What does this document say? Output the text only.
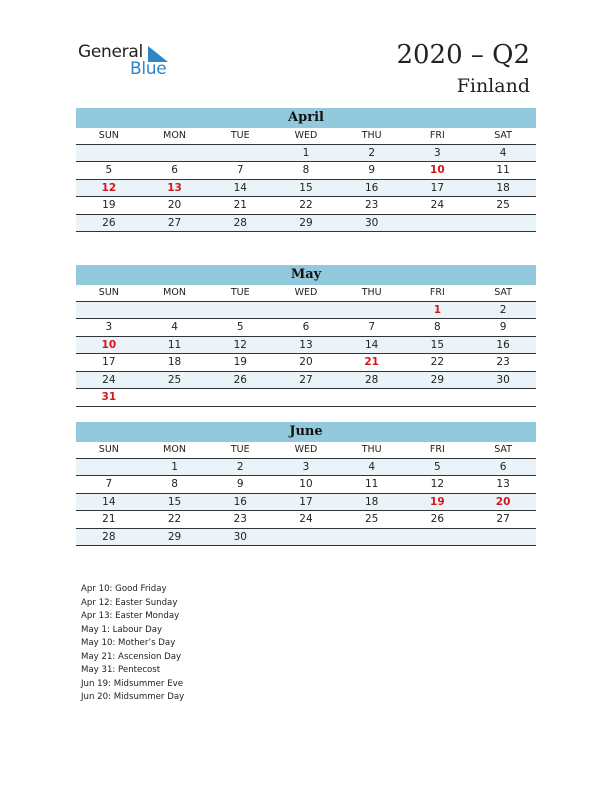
General
Blue	2020 – Q2
Finland
April
SUN	MON	TUE	WED	THU	FRI	SAT
			1	2	3	4
5	6	7	8	9	10	11
12	13	14	15	16	17	18
19	20	21	22	23	24	25
26	27	28	29	30		
May
SUN	MON	TUE	WED	THU	FRI	SAT
					1	2
3	4	5	6	7	8	9
10	11	12	13	14	15	16
17	18	19	20	21	22	23
24	25	26	27	28	29	30
31						
June
SUN	MON	TUE	WED	THU	FRI	SAT
	1	2	3	4	5	6
7	8	9	10	11	12	13
14	15	16	17	18	19	20
21	22	23	24	25	26	27
28	29	30				
Apr 10: Good Friday
Apr 12: Easter Sunday
Apr 13: Easter Monday
May 1: Labour Day
May 10: Mother’s Day
May 21: Ascension Day
May 31: Pentecost
Jun 19: Midsummer Eve
Jun 20: Midsummer Day
